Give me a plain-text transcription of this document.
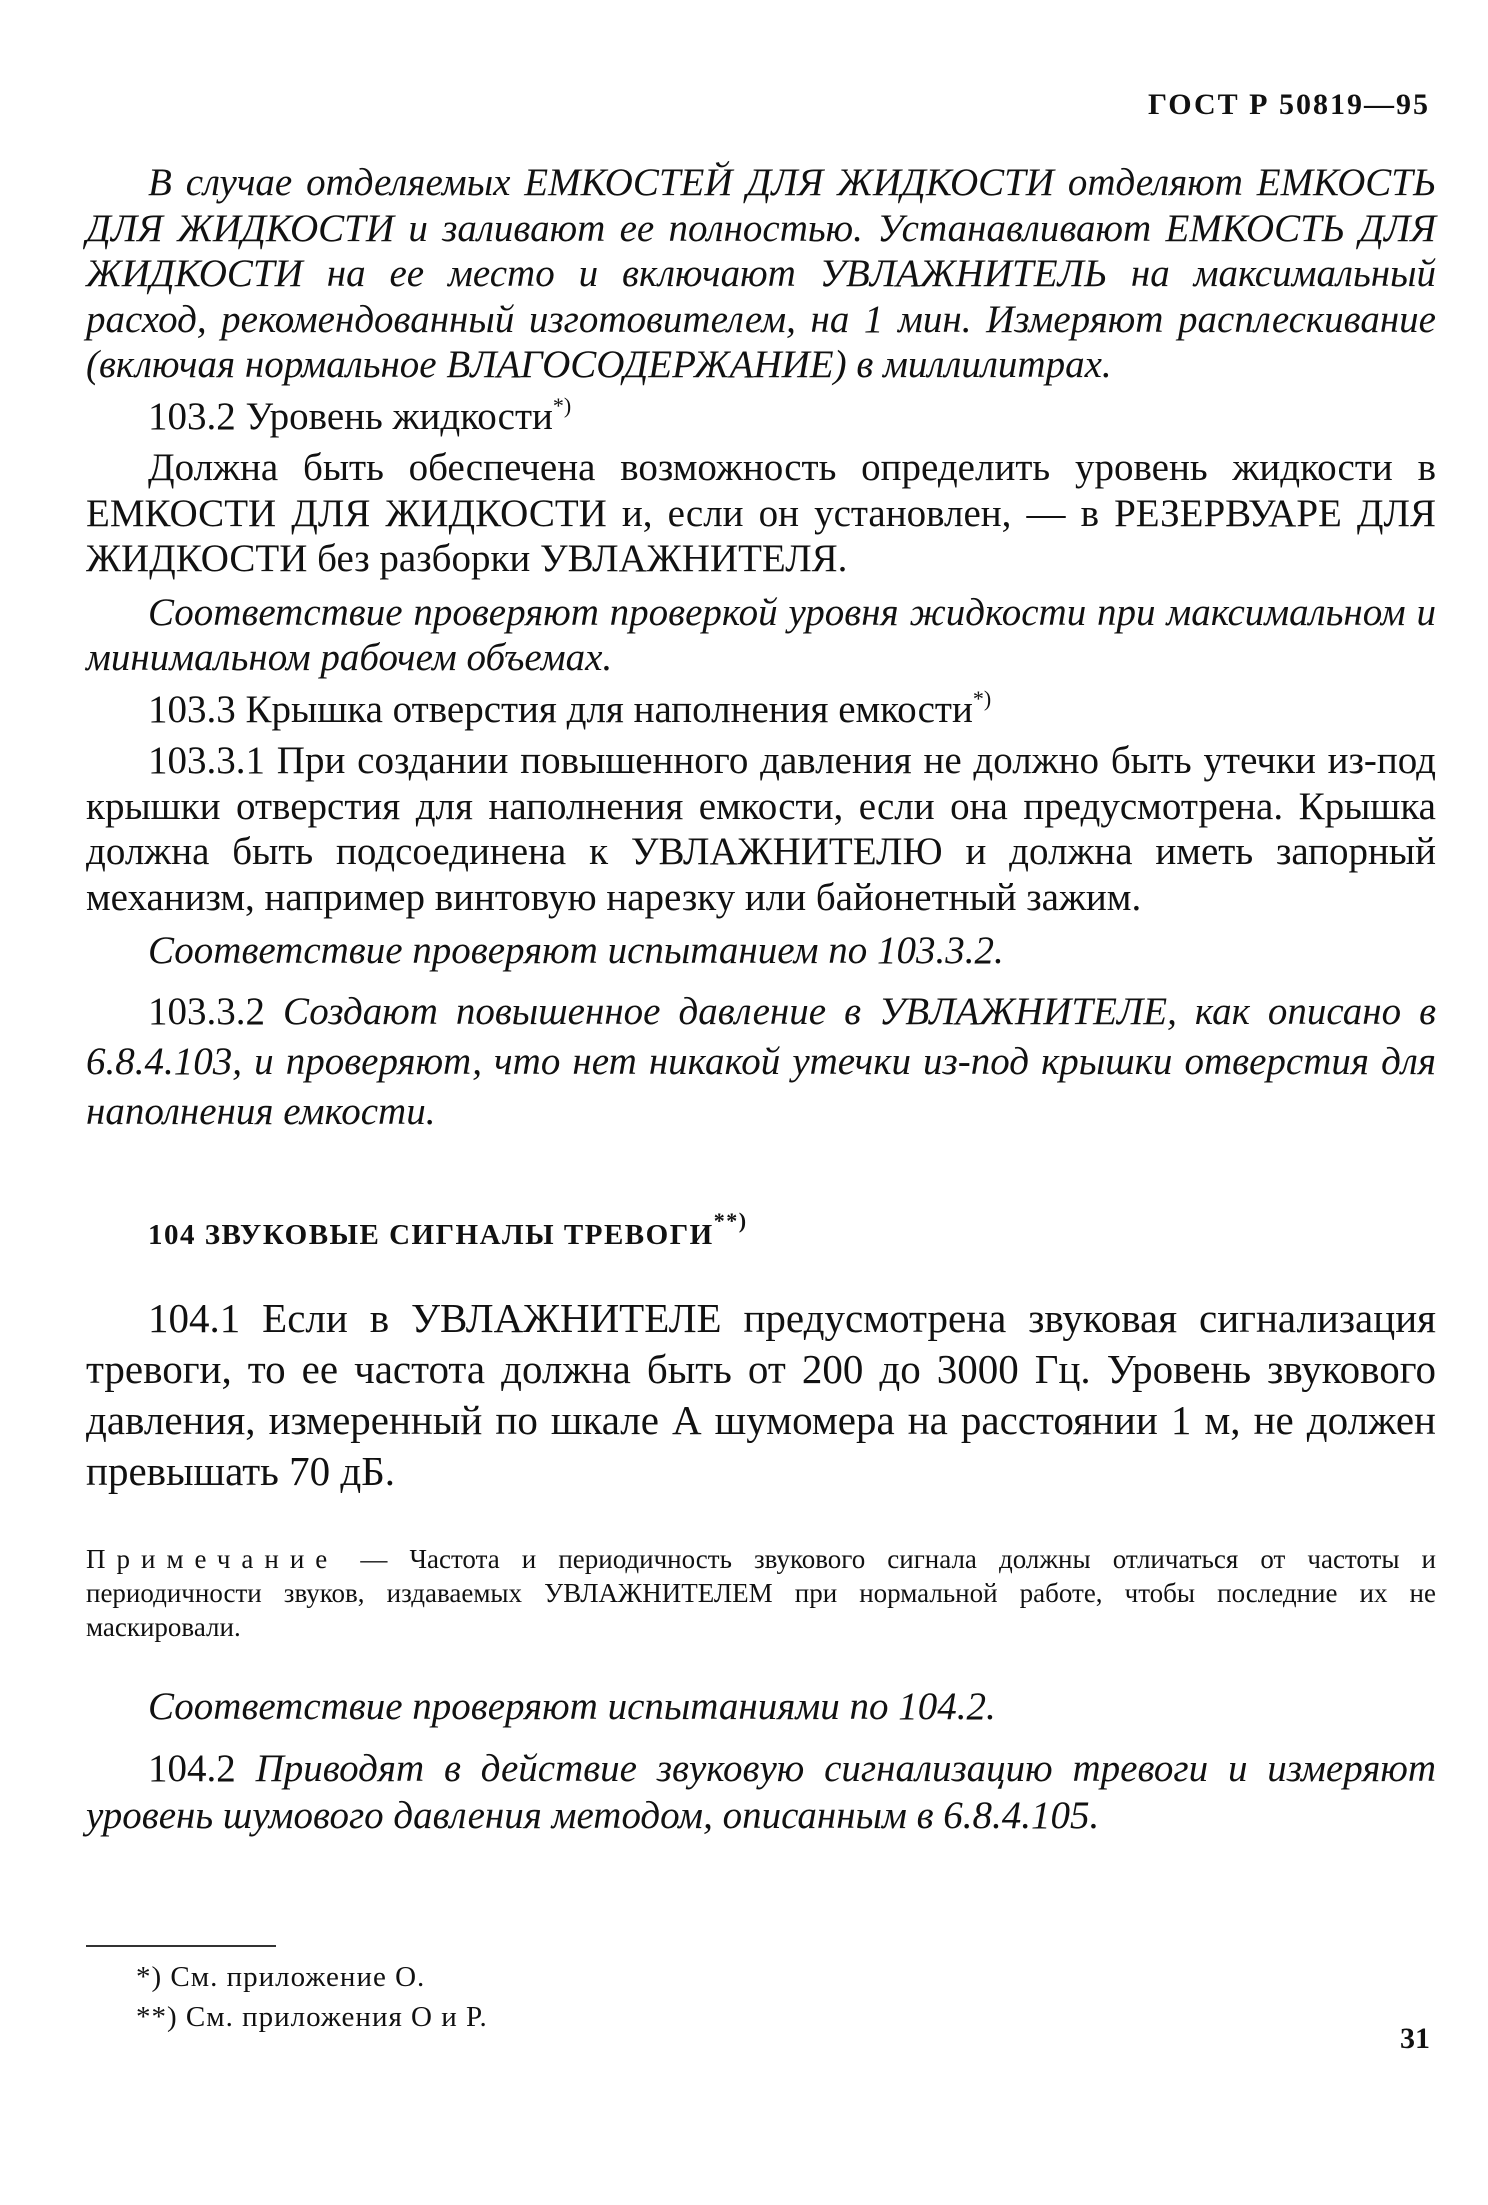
ГОСТ Р 50819—95

В случае отделяемых ЕМКОСТЕЙ ДЛЯ ЖИДКОСТИ отделяют ЕМКОСТЬ ДЛЯ ЖИДКОСТИ и заливают ее полностью. Устанавливают ЕМКОСТЬ ДЛЯ ЖИДКОСТИ на ее место и включают УВЛАЖНИТЕЛЬ на максимальный расход, рекомендованный изготовителем, на 1 мин. Измеряют расплескивание (включая нормальное ВЛАГОСОДЕРЖАНИЕ) в миллилитрах.

103.2 Уровень жидкости*)

Должна быть обеспечена возможность определить уровень жидкости в ЕМКОСТИ ДЛЯ ЖИДКОСТИ и, если он установлен, — в РЕЗЕРВУАРЕ ДЛЯ ЖИДКОСТИ без разборки УВЛАЖНИТЕЛЯ.

Соответствие проверяют проверкой уровня жидкости при максимальном и минимальном рабочем объемах.

103.3 Крышка отверстия для наполнения емкости*)

103.3.1 При создании повышенного давления не должно быть утечки из-под крышки отверстия для наполнения емкости, если она предусмотрена. Крышка должна быть подсоединена к УВЛАЖНИТЕЛЮ и должна иметь запорный механизм, например винтовую нарезку или байонетный зажим.

Соответствие проверяют испытанием по 103.3.2.

103.3.2 Создают повышенное давление в УВЛАЖНИТЕЛЕ, как описано в 6.8.4.103, и проверяют, что нет никакой утечки из-под крышки отверстия для наполнения емкости.

104 ЗВУКОВЫЕ СИГНАЛЫ ТРЕВОГИ**)

104.1 Если в УВЛАЖНИТЕЛЕ предусмотрена звуковая сигнализация тревоги, то ее частота должна быть от 200 до 3000 Гц. Уровень звукового давления, измеренный по шкале А шумомера на расстоянии 1 м, не должен превышать 70 дБ.

Примечание — Частота и периодичность звукового сигнала должны отличаться от частоты и периодичности звуков, издаваемых УВЛАЖНИТЕЛЕМ при нормальной работе, чтобы последние их не маскировали.

Соответствие проверяют испытаниями по 104.2.

104.2 Приводят в действие звуковую сигнализацию тревоги и измеряют уровень шумового давления методом, описанным в 6.8.4.105.

*) См. приложение О.
**) См. приложения О и Р.
31
